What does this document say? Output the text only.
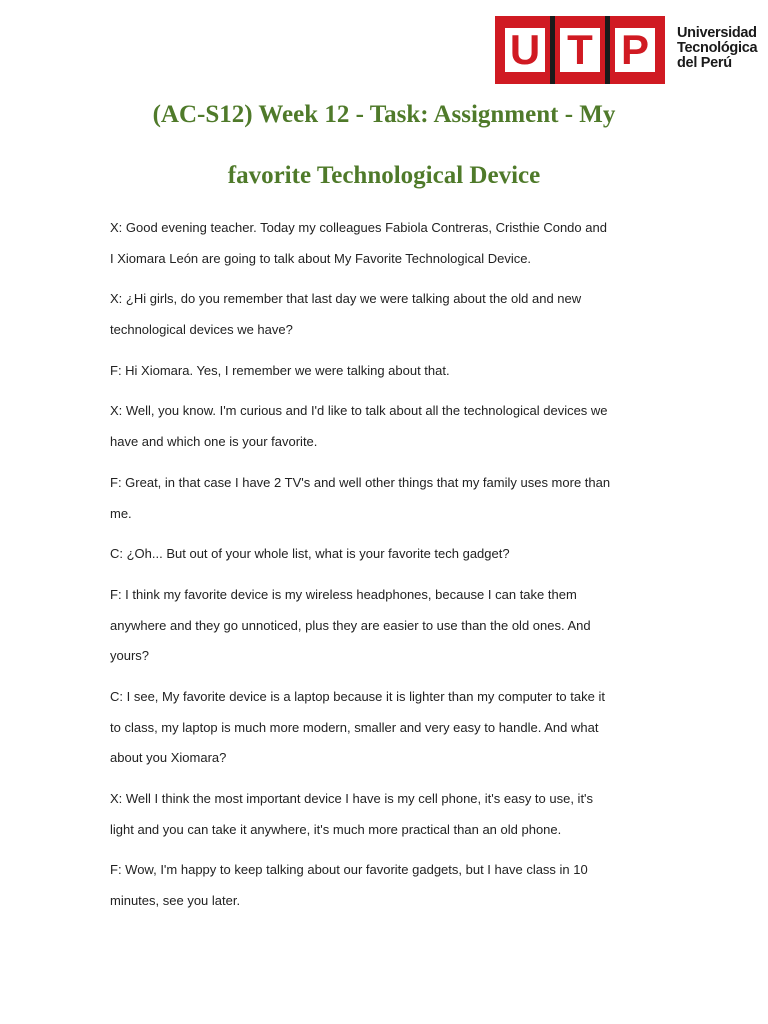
U T P	Universidad
Tecnológica
del Perú
(AC-S12) Week 12 - Task: Assignment - My
favorite Technological Device

X: Good evening teacher. Today my colleagues Fabiola Contreras, Cristhie Condo and
I Xiomara León are going to talk about My Favorite Technological Device.

X: ¿Hi girls, do you remember that last day we were talking about the old and new
technological devices we have?

F: Hi Xiomara. Yes, I remember we were talking about that.

X: Well, you know. I'm curious and I'd like to talk about all the technological devices we
have and which one is your favorite.

F: Great, in that case I have 2 TV's and well other things that my family uses more than
me.

C: ¿Oh... But out of your whole list, what is your favorite tech gadget?

F: I think my favorite device is my wireless headphones, because I can take them
anywhere and they go unnoticed, plus they are easier to use than the old ones. And
yours?

C: I see, My favorite device is a laptop because it is lighter than my computer to take it
to class, my laptop is much more modern, smaller and very easy to handle. And what
about you Xiomara?

X: Well I think the most important device I have is my cell phone, it's easy to use, it's
light and you can take it anywhere, it's much more practical than an old phone.

F: Wow, I'm happy to keep talking about our favorite gadgets, but I have class in 10
minutes, see you later.
